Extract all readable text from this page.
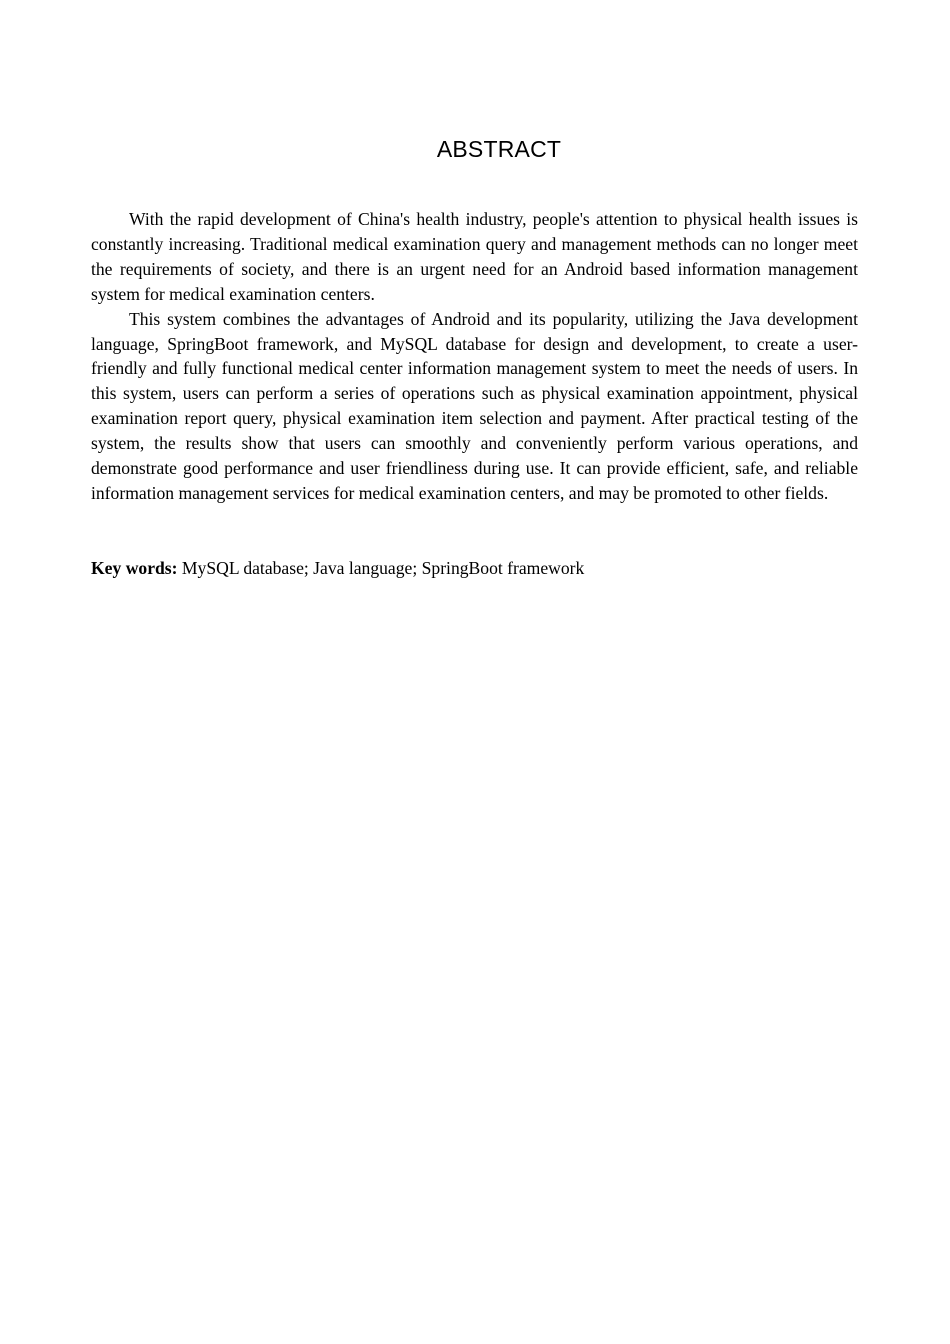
ABSTRACT

With the rapid development of China's health industry, people's attention to physical health issues is constantly increasing. Traditional medical examination query and management methods can no longer meet the requirements of society, and there is an urgent need for an Android based information management system for medical examination centers.

This system combines the advantages of Android and its popularity, utilizing the Java development language, SpringBoot framework, and MySQL database for design and development, to create a user-friendly and fully functional medical center information management system to meet the needs of users. In this system, users can perform a series of operations such as physical examination appointment, physical examination report query, physical examination item selection and payment. After practical testing of the system, the results show that users can smoothly and conveniently perform various operations, and demonstrate good performance and user friendliness during use. It can provide efficient, safe, and reliable information management services for medical examination centers, and may be promoted to other fields.

Key words: MySQL database; Java language; SpringBoot framework
